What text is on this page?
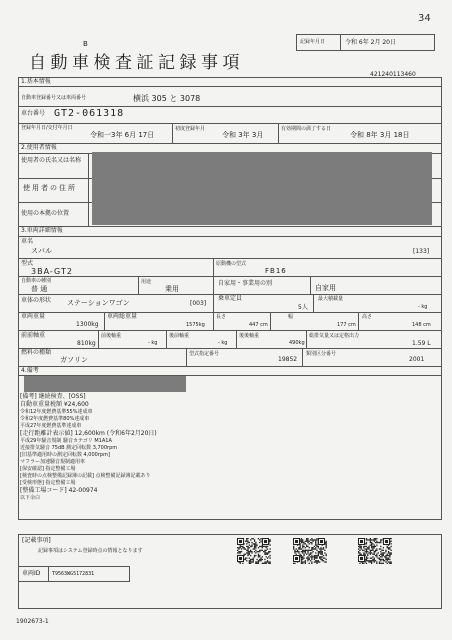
34
B	記録年月日	令和 6年 2月 20日
自動車検査証記録事項
421240113460
1.基本情報
自動車登録番号又は車両番号	横浜 305 と 3078
車台番号 GT2-061318
登録年月日/交付年月日
令和一3年 6月 17日
初度登録年月
令和 3年 3月
有効期間の満了する日
令和 8年 3月 18日
2.使用者情報
使用者の氏名又は名称
使用者の住所
使用の本拠の位置
3.車両詳細情報
車名
スバル	[133]
型式
3BA-GT2
原動機の型式
FB16
自動車の種別
普 通
用途
乗用
自家用・事業用の別
自家用
車体の形状 ステーションワゴン	[003]
乗車定員
5人
最大積載量
- kg
車両重量
1300kg
車両総重量
1575kg
長さ
447 cm
幅
177 cm
高さ
148 cm
前前軸重
810kg
前後軸重
- kg
後前軸重
- kg
後後軸重
490kg
総排気量又は定格出力
1.59 L
燃料の種類
ガソリン
型式指定番号
19852
類別区分番号
2001
4.備考
[備考] 継続検査、[OSS]
自動車重量税額 ¥24,600
令和12年度燃費基準55%達成車
令和2年度燃費基準80%達成車
平成27年度燃費基準達成車
[走行距離計表示値] 12,600km (令和6年2月20日)
平成29年騒音規制 騒音カテゴリ M1A1A
近接排気騒音 75dB 測定回転数 3,700rpm
[旧基準適用時の測定回転数 4,000rpm]
マフラー加速騒音規制適用車
[保安確認] 指定整備工場
[検査時の点検整備記録簿の記載] 点検整備記録簿記載あり
[受検形態] 指定整備工場
[整備工場コード] 42-00974
以下余白
[記載事項]
記録事項はシステム登録時点の情報となります
車両ID T9563WG5172831
1902673-1
